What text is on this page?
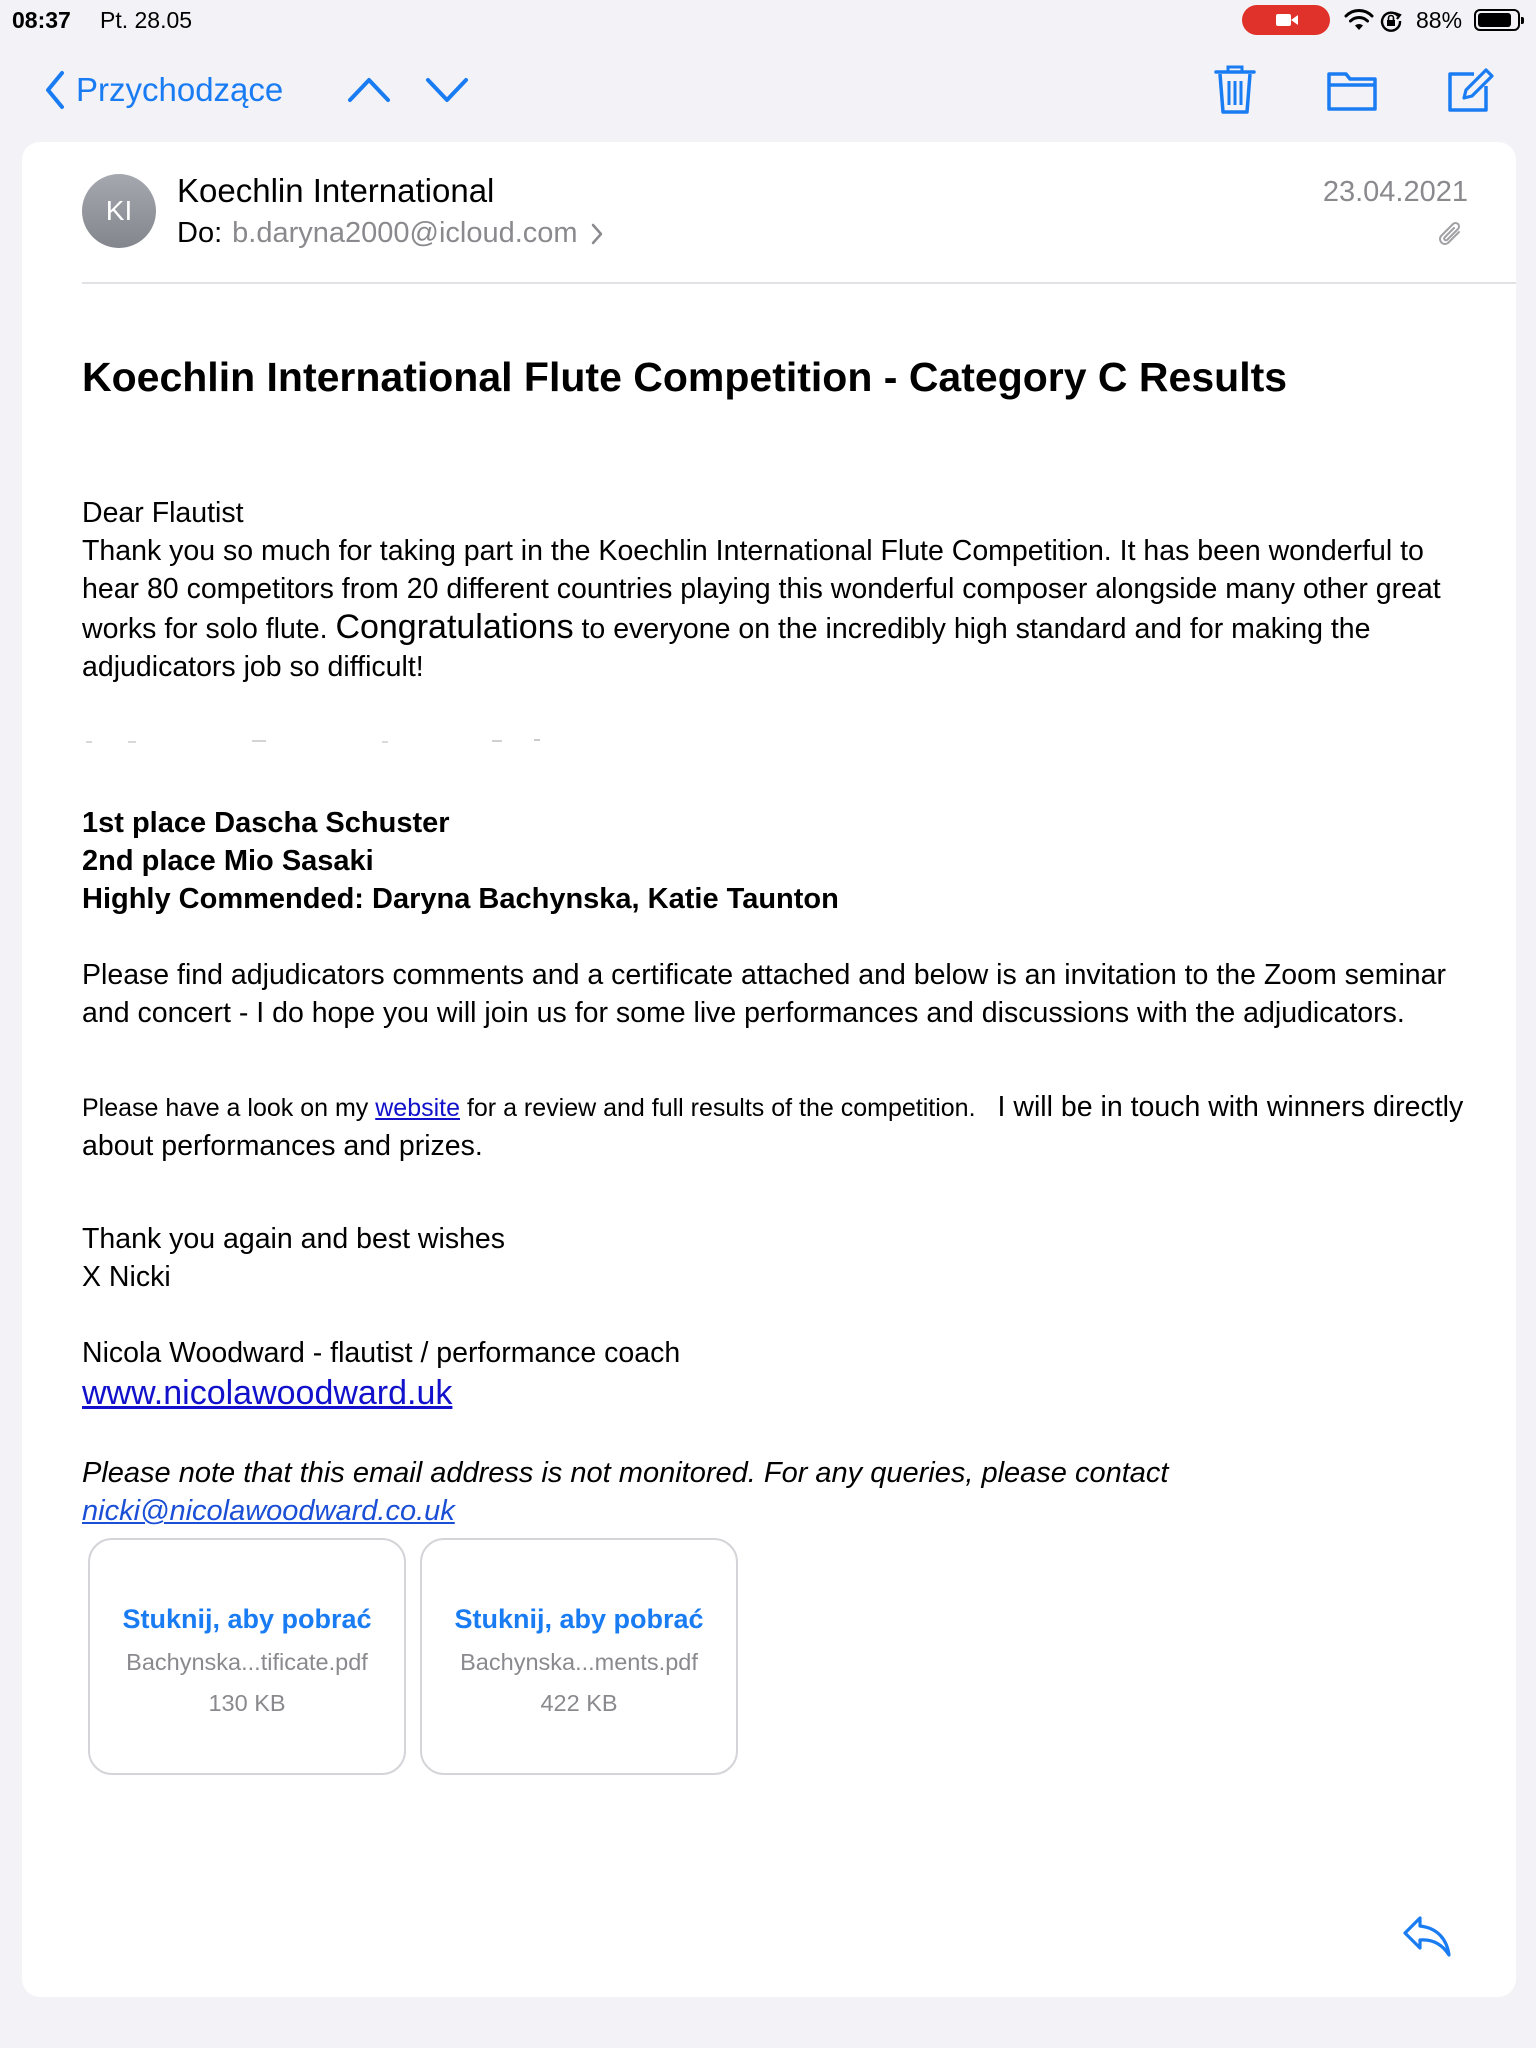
08:37 Pt. 28.05	88%
Przychodzące
KI
Koechlin International
Do: b.daryna2000@icloud.com
23.04.2021
Koechlin International Flute Competition - Category C Results
Dear Flautist
Thank you so much for taking part in the Koechlin International Flute Competition. It has been wonderful to hear 80 competitors from 20 different countries playing this wonderful composer alongside many other great works for solo flute. Congratulations to everyone on the incredibly high standard and for making the adjudicators job so difficult!
1st place Dascha Schuster
2nd place Mio Sasaki
Highly Commended: Daryna Bachynska, Katie Taunton
Please find adjudicators comments and a certificate attached and below is an invitation to the Zoom seminar and concert - I do hope you will join us for some live performances and discussions with the adjudicators.
Please have a look on my website for a review and full results of the competition. I will be in touch with winners directly about performances and prizes.
Thank you again and best wishes
X Nicki
Nicola Woodward - flautist / performance coach
www.nicolawoodward.uk
Please note that this email address is not monitored. For any queries, please contact nicki@nicolawoodward.co.uk
Stuknij, aby pobrać
Bachynska...tificate.pdf
130 KB
Stuknij, aby pobrać
Bachynska...ments.pdf
422 KB
